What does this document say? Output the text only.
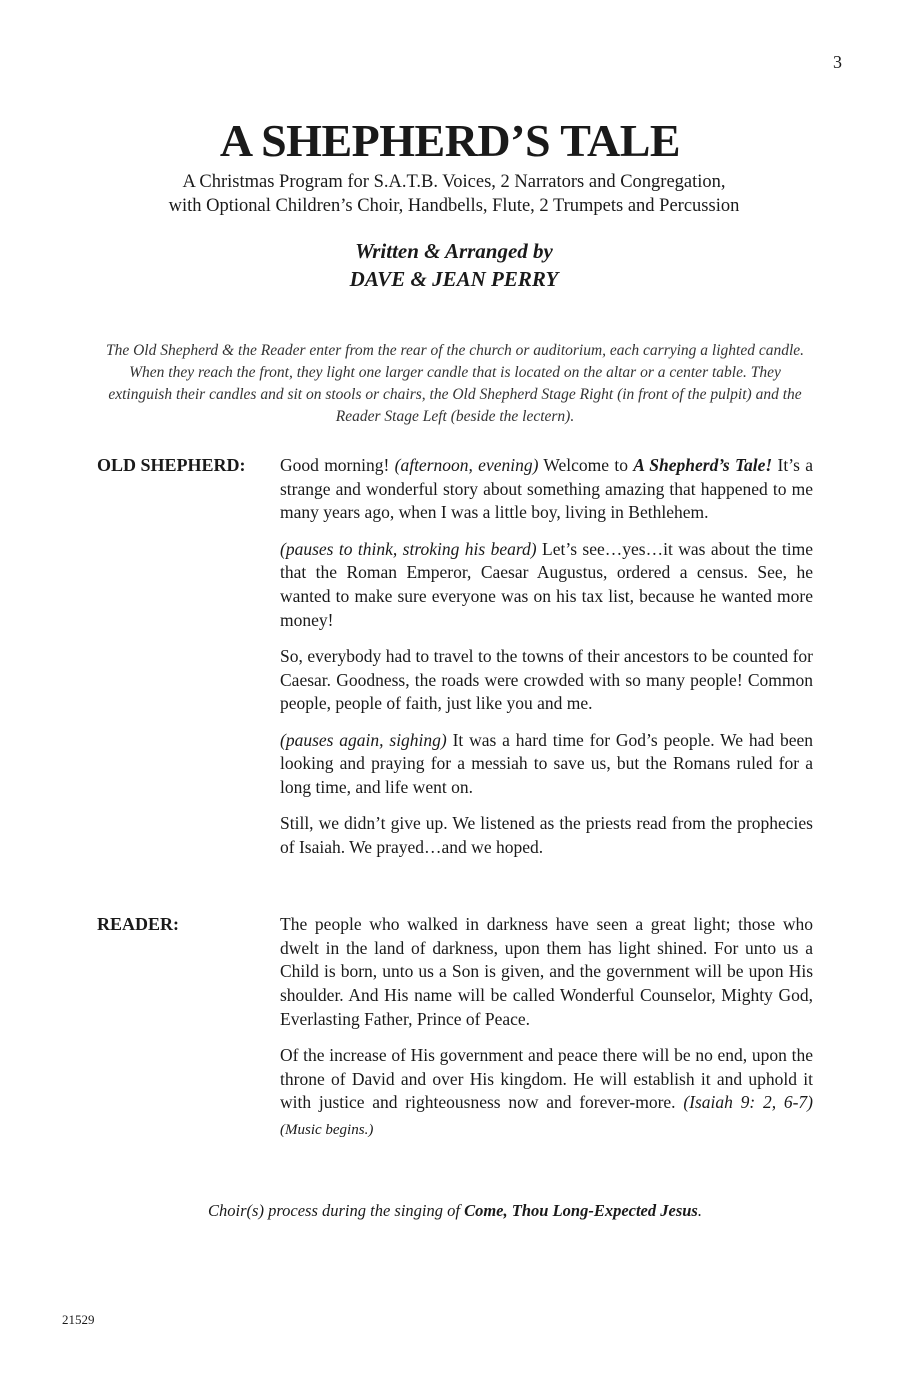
3
A SHEPHERD’S TALE
A Christmas Program for S.A.T.B. Voices, 2 Narrators and Congregation,
with Optional Children’s Choir, Handbells, Flute, 2 Trumpets and Percussion
Written & Arranged by
DAVE & JEAN PERRY
The Old Shepherd & the Reader enter from the rear of the church or auditorium, each carrying a lighted candle. When they reach the front, they light one larger candle that is located on the altar or a center table. They extinguish their candles and sit on stools or chairs, the Old Shepherd Stage Right (in front of the pulpit) and the Reader Stage Left (beside the lectern).
OLD SHEPHERD: Good morning! (afternoon, evening) Welcome to A Shepherd’s Tale! It’s a strange and wonderful story about something amazing that happened to me many years ago, when I was a little boy, living in Bethlehem.

(pauses to think, stroking his beard) Let’s see…yes…it was about the time that the Roman Emperor, Caesar Augustus, ordered a census. See, he wanted to make sure everyone was on his tax list, because he wanted more money!

So, everybody had to travel to the towns of their ancestors to be counted for Caesar. Goodness, the roads were crowded with so many people! Common people, people of faith, just like you and me.

(pauses again, sighing) It was a hard time for God’s people. We had been looking and praying for a messiah to save us, but the Romans ruled for a long time, and life went on.

Still, we didn’t give up. We listened as the priests read from the prophecies of Isaiah. We prayed…and we hoped.

READER:	The people who walked in darkness have seen a great light; those who dwelt in the land of darkness, upon them has light shined. For unto us a Child is born, unto us a Son is given, and the government will be upon His shoulder. And His name will be called Wonderful Counselor, Mighty God, Everlasting Father, Prince of Peace.

Of the increase of His government and peace there will be no end, upon the throne of David and over His kingdom. He will establish it and uphold it with justice and righteousness now and forever-more. (Isaiah 9: 2, 6-7) (Music begins.)

Choir(s) process during the singing of Come, Thou Long-Expected Jesus.
21529
